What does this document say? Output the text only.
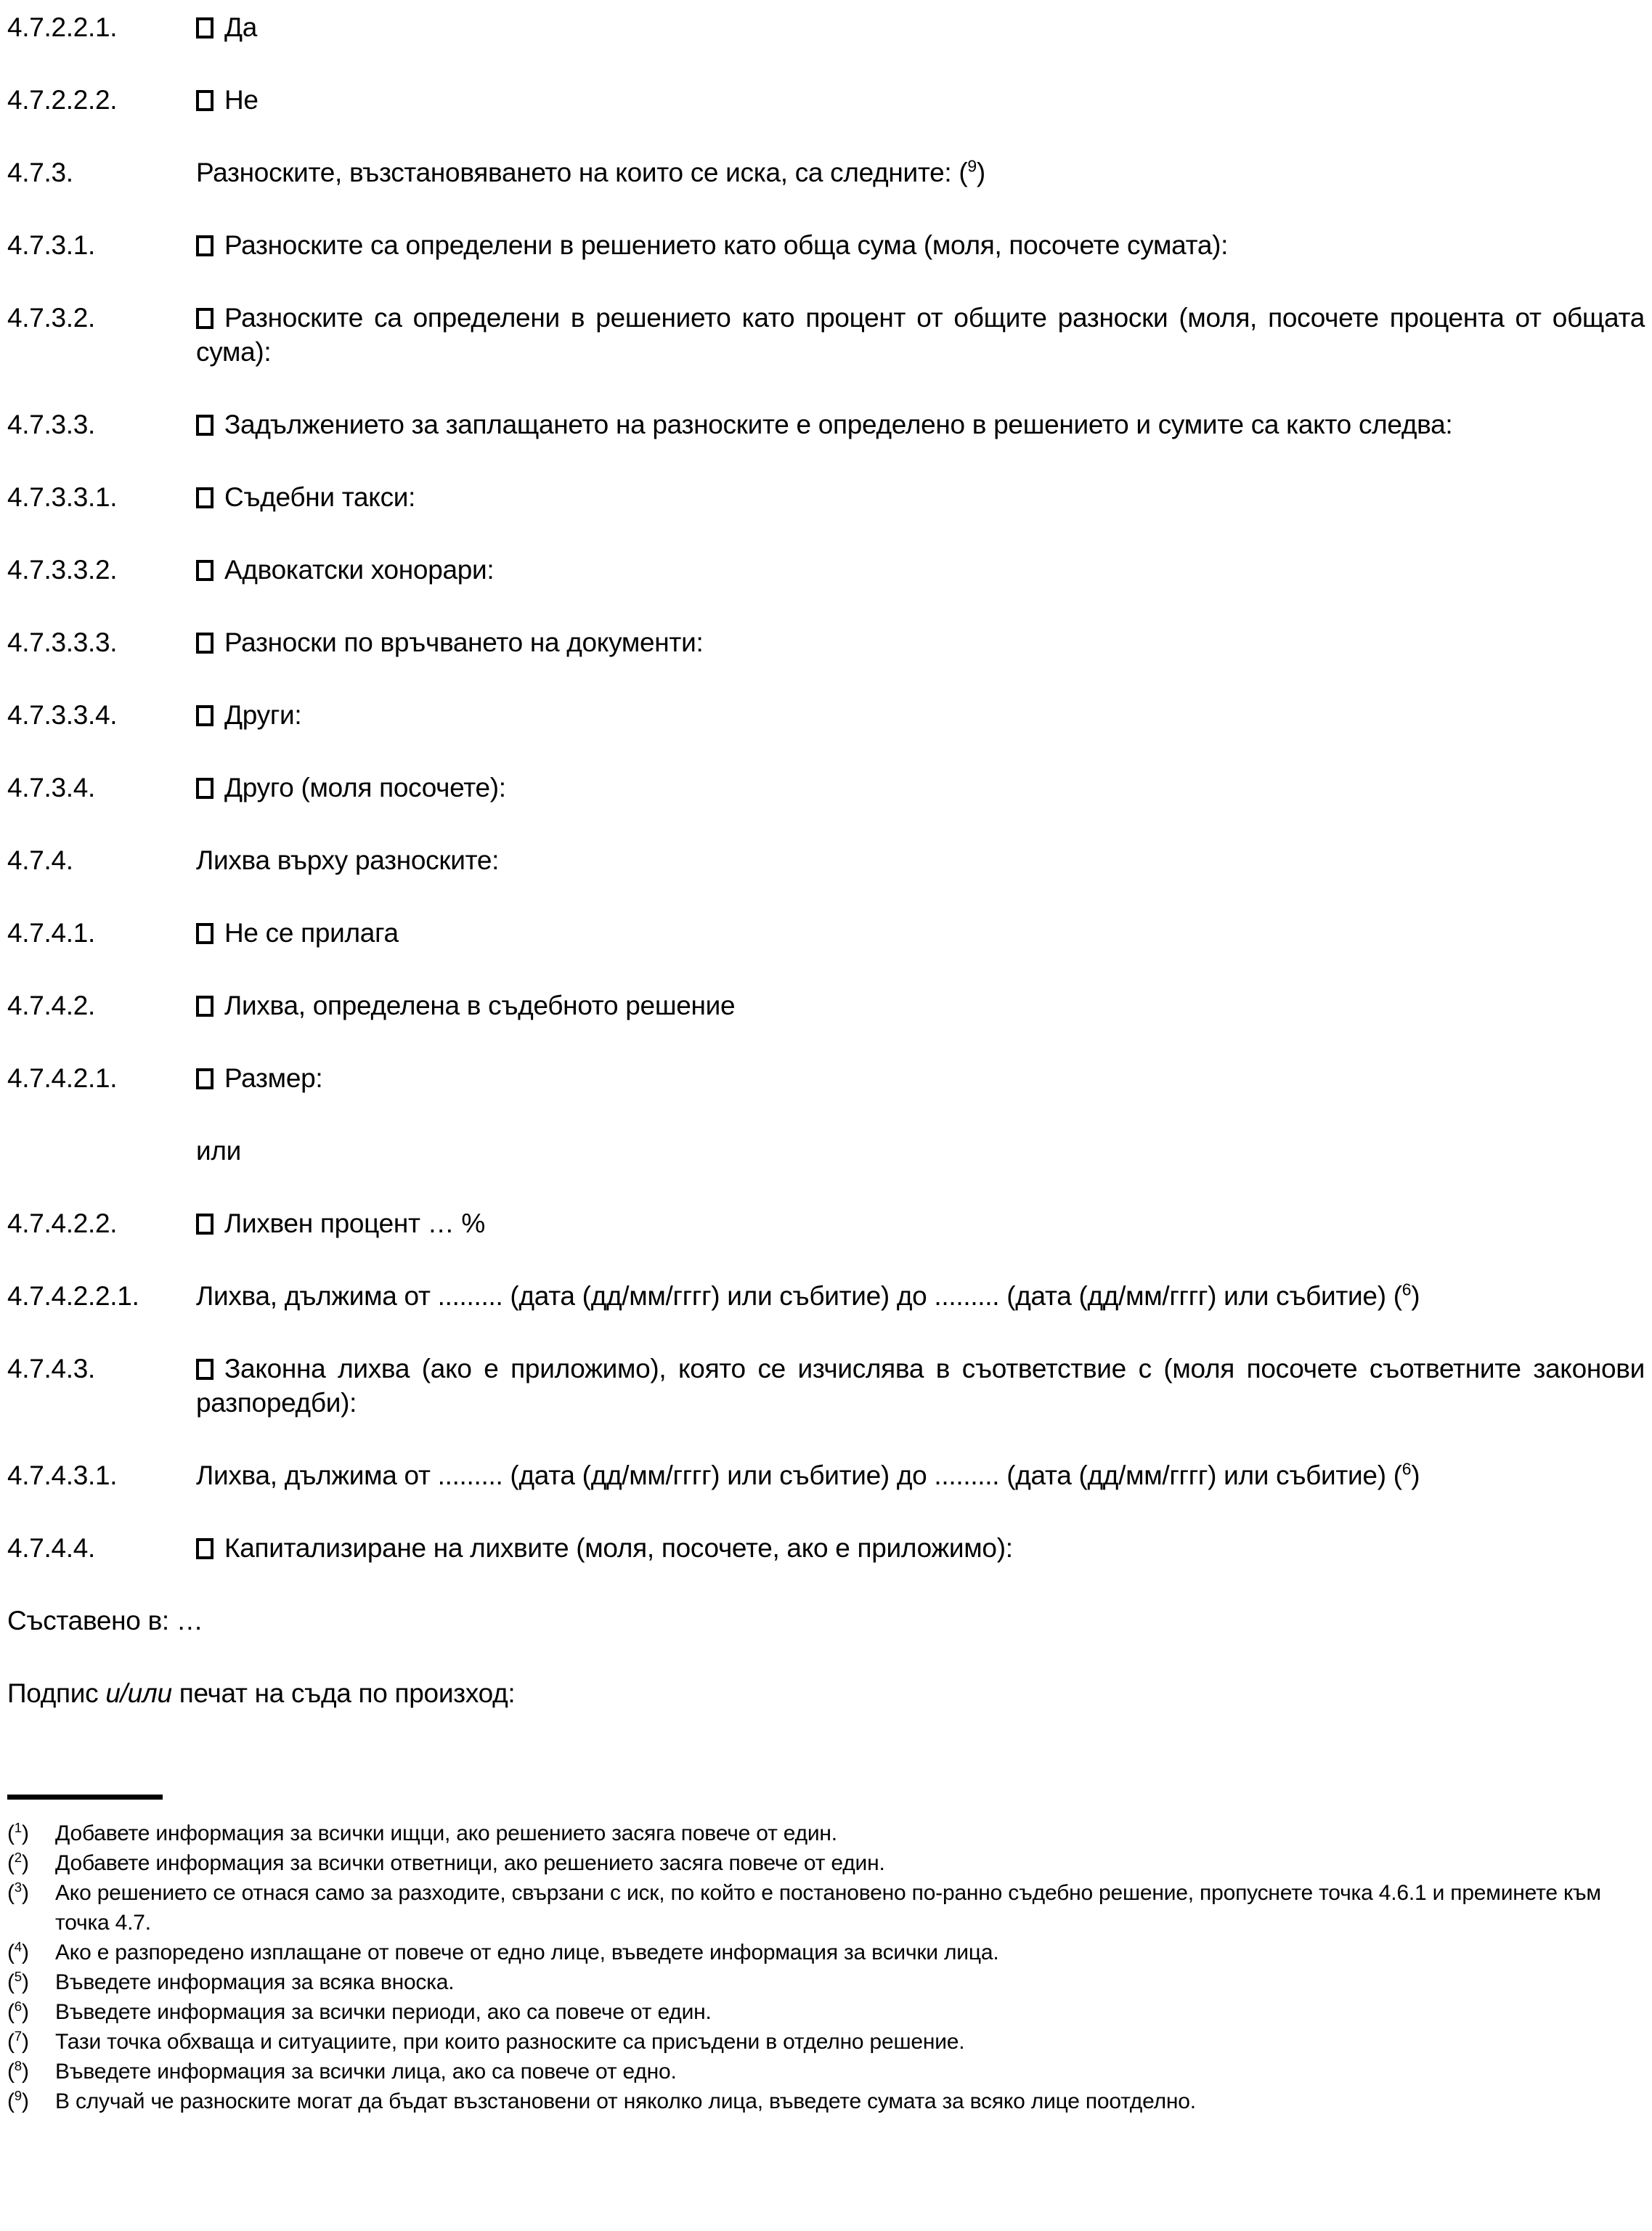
4.7.2.2.1.	Да
4.7.2.2.2.	Не
4.7.3.	Разноските, възстановяването на които се иска, са следните: ($^9$)
4.7.3.1.	Разноските са определени в решението като обща сума (моля, посочете сумата):
4.7.3.2.	Разноските са определени в решението като процент от общите разноски (моля, посочете процента от общата сума):
4.7.3.3.	Задължението за заплащането на разноските е определено в решението и сумите са както следва:
4.7.3.3.1.	Съдебни такси:
4.7.3.3.2.	Адвокатски хонорари:
4.7.3.3.3.	Разноски по връчването на документи:
4.7.3.3.4.	Други:
4.7.3.4.	Друго (моля посочете):
4.7.4.	Лихва върху разноските:
4.7.4.1.	Не се прилага
4.7.4.2.	Лихва, определена в съдебното решение
4.7.4.2.1.	Размер:
или
4.7.4.2.2.	Лихвен процент … %
4.7.4.2.2.1.	Лихва, дължима от ......... (дата (дд/мм/гггг) или събитие) до ......... (дата (дд/мм/гггг) или събитие) ($^6$)
4.7.4.3.	Законна лихва (ако е приложимо), която се изчислява в съответствие с (моля посочете съответните законови разпоредби):
4.7.4.3.1.	Лихва, дължима от ......... (дата (дд/мм/гггг) или събитие) до ......... (дата (дд/мм/гггг) или събитие) ($^6$)
4.7.4.4.	Капитализиране на лихвите (моля, посочете, ако е приложимо):
Съставено в: …
Подпис и/или печат на съда по произход:
($^1$)	Добавете информация за всички ищци, ако решението засяга повече от един.
($^2$)	Добавете информация за всички ответници, ако решението засяга повече от един.
($^3$)	Ако решението се отнася само за разходите, свързани с иск, по който е постановено по-ранно съдебно решение, пропуснете точка 4.6.1 и преминете към точка 4.7.
($^4$)	Ако е разпоредено изплащане от повече от едно лице, въведете информация за всички лица.
($^5$)	Въведете информация за всяка вноска.
($^6$)	Въведете информация за всички периоди, ако са повече от един.
($^7$)	Тази точка обхваща и ситуациите, при които разноските са присъдени в отделно решение.
($^8$)	Въведете информация за всички лица, ако са повече от едно.
($^9$)	В случай че разноските могат да бъдат възстановени от няколко лица, въведете сумата за всяко лице поотделно.
